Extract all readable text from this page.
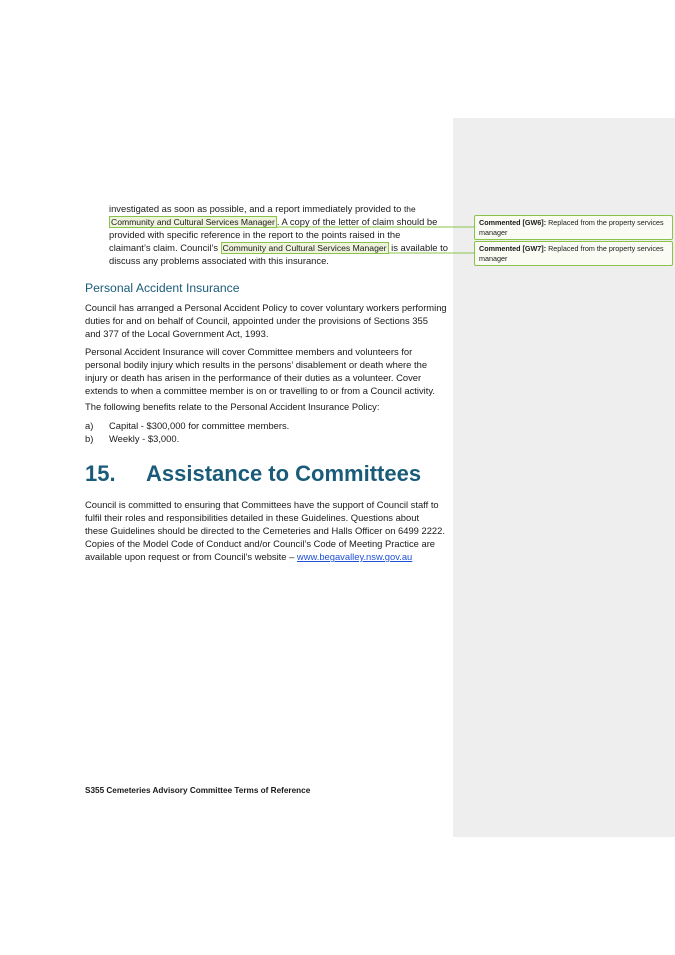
investigated as soon as possible, and a report immediately provided to the

Community and Cultural Services Manager . A copy of the letter of claim should be

provided with specific reference in the report to the points raised in the

claimant’s claim. Council’s Community and Cultural Services Manager is available to

discuss any problems associated with this insurance.

Personal Accident Insurance

Council has arranged a Personal Accident Policy to cover voluntary workers performing

duties for and on behalf of Council, appointed under the provisions of Sections 355

and 377 of the Local Government Act, 1993.

Personal Accident Insurance will cover Committee members and volunteers for

personal bodily injury which results in the persons’ disablement or death where the

injury or death has arisen in the performance of their duties as a volunteer. Cover

extends to when a committee member is on or travelling to or from a Council activity.

The following benefits relate to the Personal Accident Insurance Policy:

a) Capital - $300,000 for committee members.
b) Weekly - $3,000.
15. Assistance to Committees

Council is committed to ensuring that Committees have the support of Council staff to

fulfil their roles and responsibilities detailed in these Guidelines. Questions about

these Guidelines should be directed to the Cemeteries and Halls Officer on 6499 2222.

Copies of the Model Code of Conduct and/or Council’s Code of Meeting Practice are

available upon request or from Council’s website – www.begavalley.nsw.gov.au

S355 Cemeteries Advisory Committee Terms of Reference
Commented [GW6]: Replaced from the property services
manager
Commented [GW7]: Replaced from the property services
manager
